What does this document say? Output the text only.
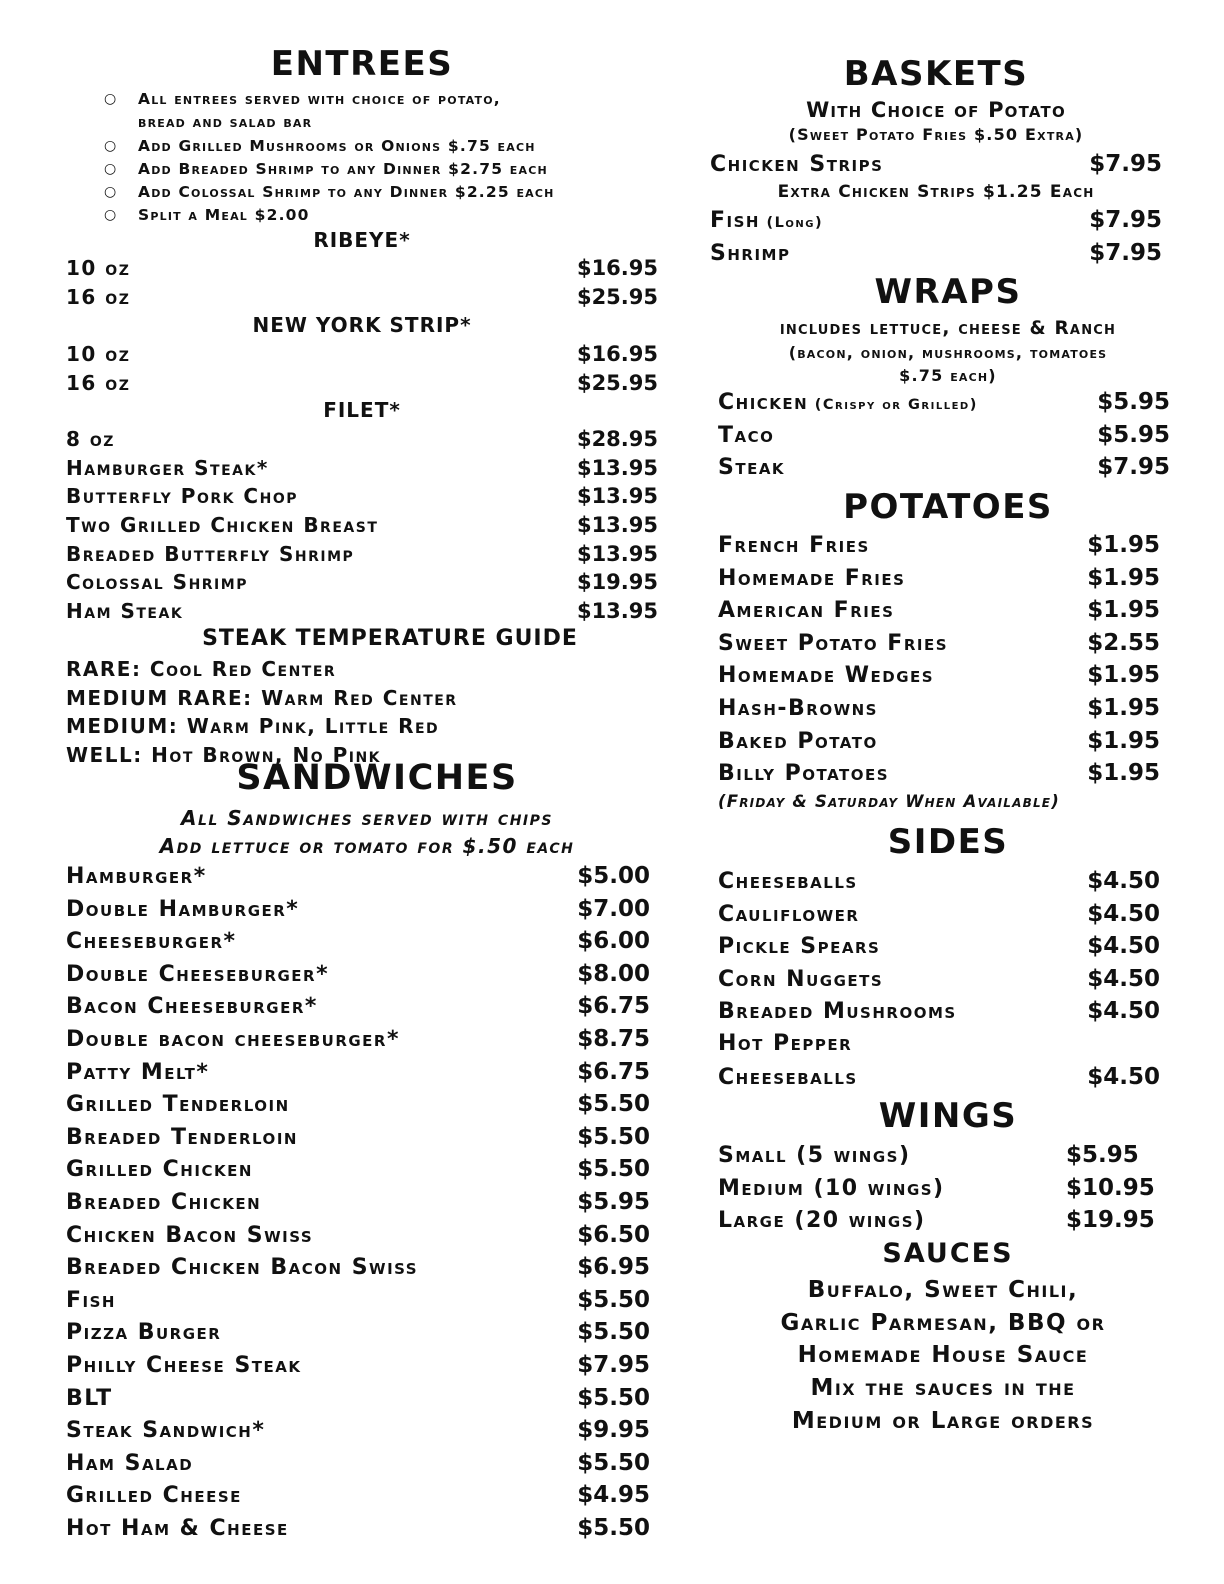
ENTREES
○ All entrees served with choice of potato,
bread and salad bar
○ Add Grilled Mushrooms or Onions $.75 each
○ Add Breaded Shrimp to any Dinner $2.75 each
○ Add Colossal Shrimp to any Dinner $2.25 each
○ Split a Meal $2.00
RIBEYE*
10 oz	$16.95
16 oz	$25.95
NEW YORK STRIP*
10 oz	$16.95
16 oz	$25.95
FILET*
8 oz	$28.95
Hamburger Steak*	$13.95
Butterfly Pork Chop	$13.95
Two Grilled Chicken Breast	$13.95
Breaded Butterfly Shrimp	$13.95
Colossal Shrimp	$19.95
Ham Steak	$13.95
STEAK TEMPERATURE GUIDE
RARE: Cool Red Center
MEDIUM RARE: Warm Red Center
MEDIUM: Warm Pink, Little Red
WELL: Hot Brown, No Pink
SANDWICHES
All Sandwiches served with chips
Add lettuce or tomato for $.50 each
Hamburger*	$5.00
Double Hamburger*	$7.00
Cheeseburger*	$6.00
Double Cheeseburger*	$8.00
Bacon Cheeseburger*	$6.75
Double bacon cheeseburger*	$8.75
Patty Melt*	$6.75
Grilled Tenderloin	$5.50
Breaded Tenderloin	$5.50
Grilled Chicken	$5.50
Breaded Chicken	$5.95
Chicken Bacon Swiss	$6.50
Breaded Chicken Bacon Swiss	$6.95
Fish	$5.50
Pizza Burger	$5.50
Philly Cheese Steak	$7.95
BLT	$5.50
Steak Sandwich*	$9.95
Ham Salad	$5.50
Grilled Cheese	$4.95
Hot Ham & Cheese	$5.50
BASKETS
With Choice of Potato
(Sweet Potato Fries $.50 Extra)
Chicken Strips	$7.95
Extra Chicken Strips $1.25 Each
Fish (Long)	$7.95
Shrimp	$7.95
WRAPS
includes lettuce, cheese & Ranch
(bacon, onion, mushrooms, tomatoes
$.75 each)
Chicken (Crispy or Grilled)	$5.95
Taco	$5.95
Steak	$7.95
POTATOES
French Fries	$1.95
Homemade Fries	$1.95
American Fries	$1.95
Sweet Potato Fries	$2.55
Homemade Wedges	$1.95
Hash-Browns	$1.95
Baked Potato	$1.95
Billy Potatoes	$1.95
(Friday & Saturday When Available)
SIDES
Cheeseballs	$4.50
Cauliflower	$4.50
Pickle Spears	$4.50
Corn Nuggets	$4.50
Breaded Mushrooms	$4.50
Hot Pepper
Cheeseballs	$4.50
WINGS
Small (5 wings)	$5.95
Medium (10 wings)	$10.95
Large (20 wings)	$19.95
SAUCES
Buffalo, Sweet Chili,
Garlic Parmesan, BBQ or
Homemade House Sauce
Mix the sauces in the
Medium or Large orders
